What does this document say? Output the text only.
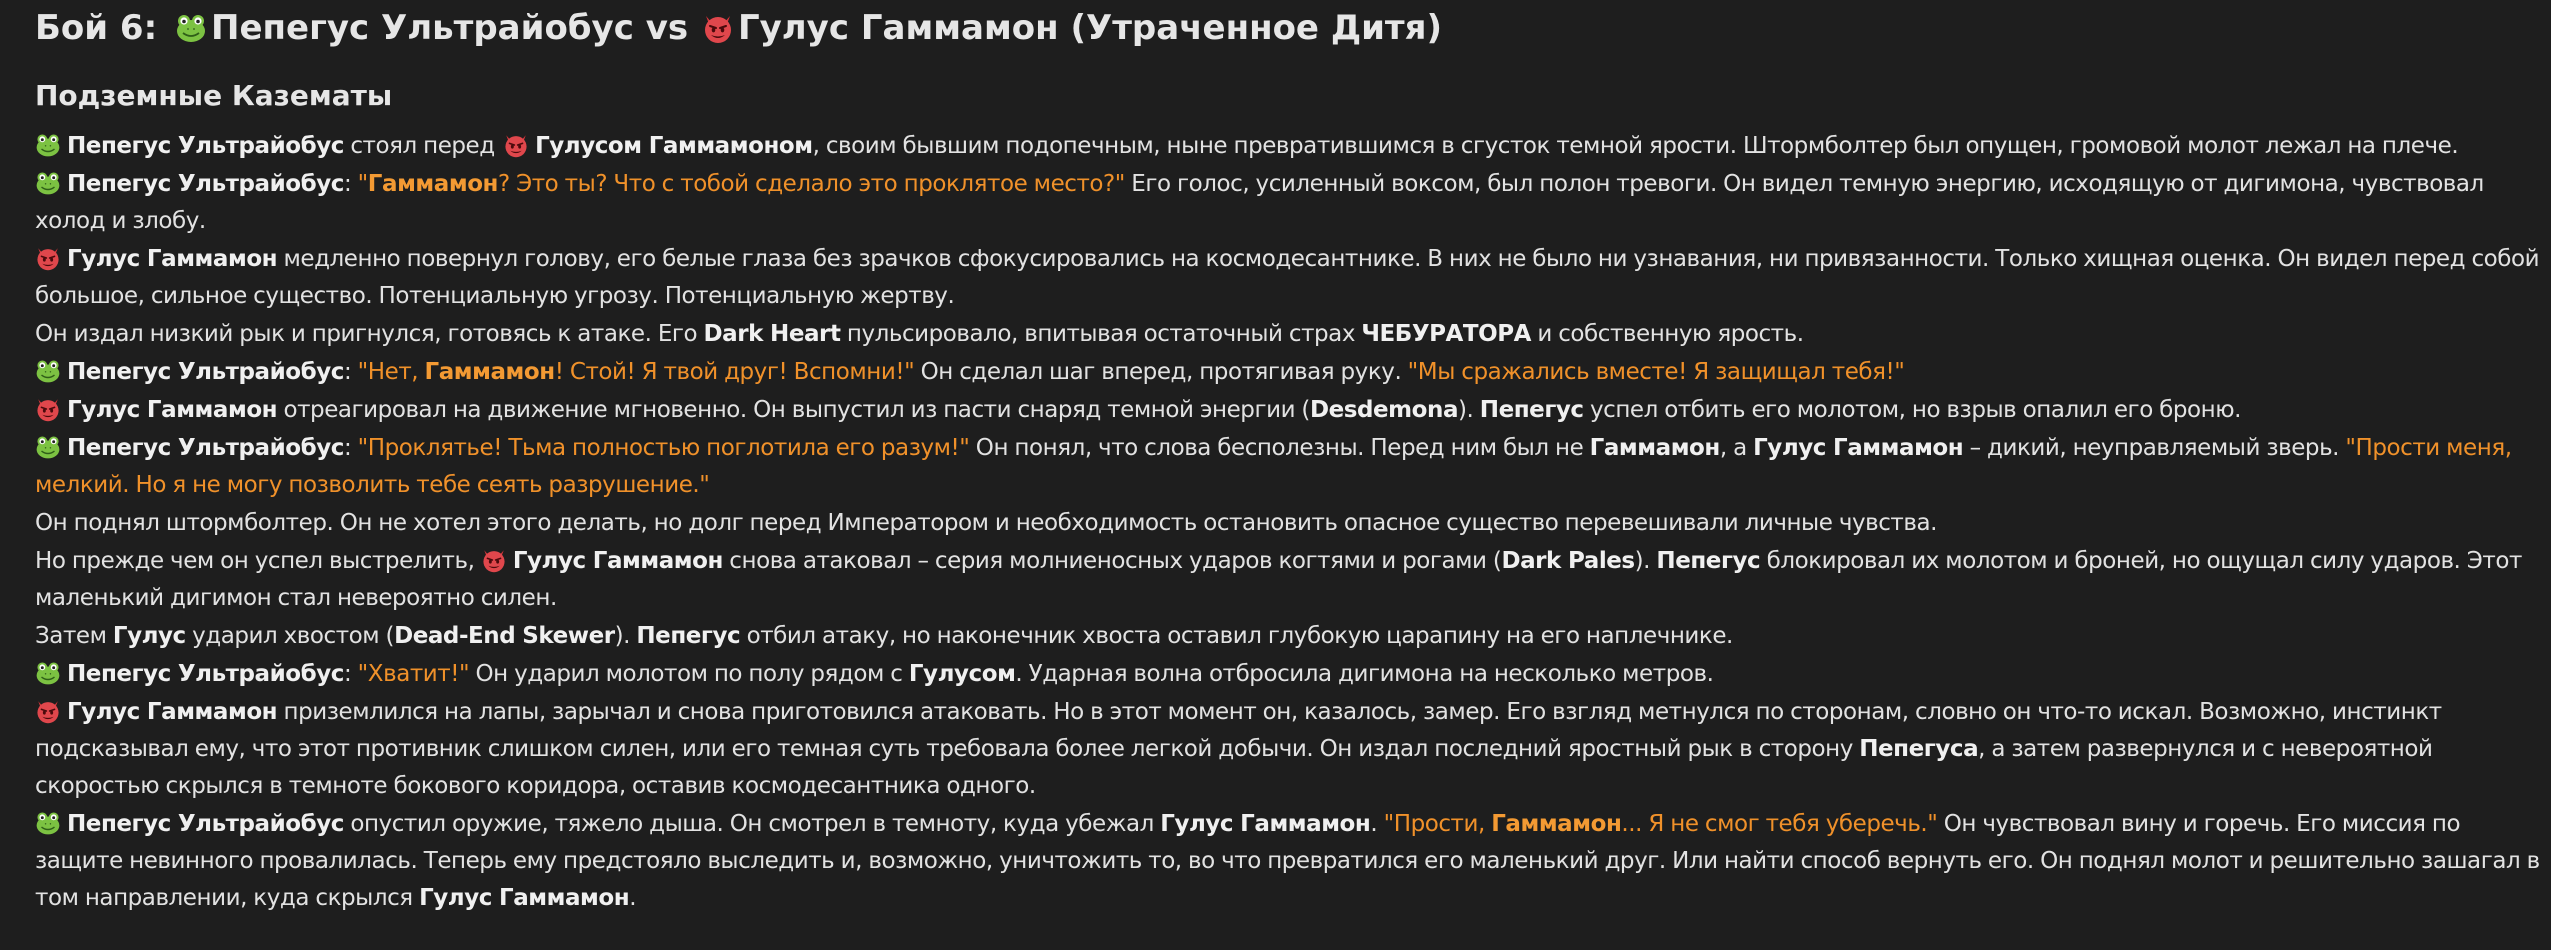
Бой 6: Пепегус Ультрайобус vs Гулус Гаммамон (Утраченное Дитя)
Подземные Казематы

Пепегус Ультрайобус стоял перед Гулусом Гаммамоном, своим бывшим подопечным, ныне превратившимся в сгусток темной ярости. Штормболтер был опущен, громовой молот лежал на плече.

Пепегус Ультрайобус: "Гаммамон? Это ты? Что с тобой сделало это проклятое место?" Его голос, усиленный воксом, был полон тревоги. Он видел темную энергию, исходящую от дигимона, чувствовал холод и злобу.

Гулус Гаммамон медленно повернул голову, его белые глаза без зрачков сфокусировались на космодесантнике. В них не было ни узнавания, ни привязанности. Только хищная оценка. Он видел перед собой большое, сильное существо. Потенциальную угрозу. Потенциальную жертву.

Он издал низкий рык и пригнулся, готовясь к атаке. Его Dark Heart пульсировало, впитывая остаточный страх ЧЕБУРАТОРА и собственную ярость.

Пепегус Ультрайобус: "Нет, Гаммамон! Стой! Я твой друг! Вспомни!" Он сделал шаг вперед, протягивая руку. "Мы сражались вместе! Я защищал тебя!"

Гулус Гаммамон отреагировал на движение мгновенно. Он выпустил из пасти снаряд темной энергии (Desdemona). Пепегус успел отбить его молотом, но взрыв опалил его броню.

Пепегус Ультрайобус: "Проклятье! Тьма полностью поглотила его разум!" Он понял, что слова бесполезны. Перед ним был не Гаммамон, а Гулус Гаммамон – дикий, неуправляемый зверь. "Прости меня, мелкий. Но я не могу позволить тебе сеять разрушение."

Он поднял штормболтер. Он не хотел этого делать, но долг перед Императором и необходимость остановить опасное существо перевешивали личные чувства.

Но прежде чем он успел выстрелить, Гулус Гаммамон снова атаковал – серия молниеносных ударов когтями и рогами (Dark Pales). Пепегус блокировал их молотом и броней, но ощущал силу ударов. Этот маленький дигимон стал невероятно силен.

Затем Гулус ударил хвостом (Dead-End Skewer). Пепегус отбил атаку, но наконечник хвоста оставил глубокую царапину на его наплечнике.

Пепегус Ультрайобус: "Хватит!" Он ударил молотом по полу рядом с Гулусом. Ударная волна отбросила дигимона на несколько метров.

Гулус Гаммамон приземлился на лапы, зарычал и снова приготовился атаковать. Но в этот момент он, казалось, замер. Его взгляд метнулся по сторонам, словно он что-то искал. Возможно, инстинкт подсказывал ему, что этот противник слишком силен, или его темная суть требовала более легкой добычи. Он издал последний яростный рык в сторону Пепегуса, а затем развернулся и с невероятной скоростью скрылся в темноте бокового коридора, оставив космодесантника одного.

Пепегус Ультрайобус опустил оружие, тяжело дыша. Он смотрел в темноту, куда убежал Гулус Гаммамон. "Прости, Гаммамон... Я не смог тебя уберечь." Он чувствовал вину и горечь. Его миссия по защите невинного провалилась. Теперь ему предстояло выследить и, возможно, уничтожить то, во что превратился его маленький друг. Или найти способ вернуть его. Он поднял молот и решительно зашагал в том направлении, куда скрылся Гулус Гаммамон.
